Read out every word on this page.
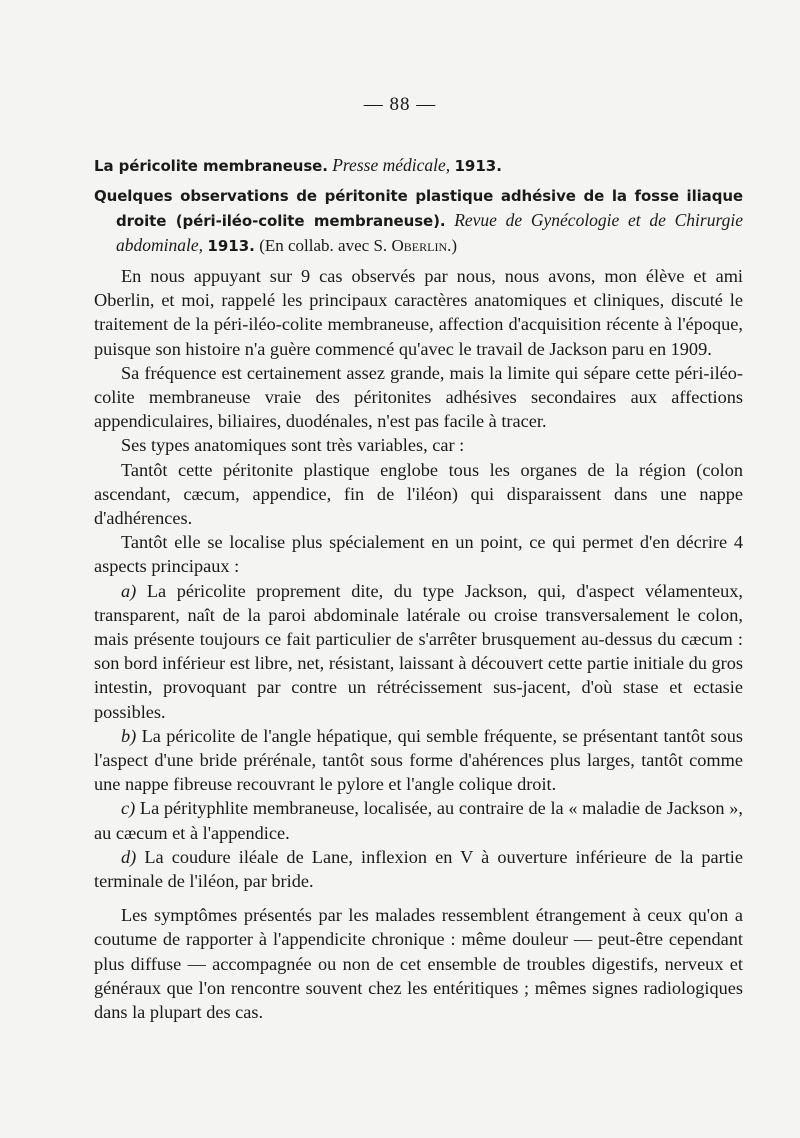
— 88 —

La péricolite membraneuse. Presse médicale, 1913.

Quelques observations de péritonite plastique adhésive de la fosse iliaque droite (péri-iléo-colite membraneuse). Revue de Gynécologie et de Chirurgie abdominale, 1913. (En collab. avec S. Oberlin.)

En nous appuyant sur 9 cas observés par nous, nous avons, mon élève et ami Oberlin, et moi, rappelé les principaux caractères anatomiques et cliniques, discuté le traitement de la péri-iléo-colite membraneuse, affection d'acquisition récente à l'époque, puisque son histoire n'a guère commencé qu'avec le travail de Jackson paru en 1909.

Sa fréquence est certainement assez grande, mais la limite qui sépare cette péri-iléo-colite membraneuse vraie des péritonites adhésives secondaires aux affections appendiculaires, biliaires, duodénales, n'est pas facile à tracer.

Ses types anatomiques sont très variables, car :

Tantôt cette péritonite plastique englobe tous les organes de la région (colon ascendant, cæcum, appendice, fin de l'iléon) qui disparaissent dans une nappe d'adhérences.

Tantôt elle se localise plus spécialement en un point, ce qui permet d'en décrire 4 aspects principaux :

a) La péricolite proprement dite, du type Jackson, qui, d'aspect vélamenteux, transparent, naît de la paroi abdominale latérale ou croise transversalement le colon, mais présente toujours ce fait particulier de s'arrêter brusquement au-dessus du cæcum : son bord inférieur est libre, net, résistant, laissant à découvert cette partie initiale du gros intestin, provoquant par contre un rétrécissement sus-jacent, d'où stase et ectasie possibles.

b) La péricolite de l'angle hépatique, qui semble fréquente, se présentant tantôt sous l'aspect d'une bride prérénale, tantôt sous forme d'ahérences plus larges, tantôt comme une nappe fibreuse recouvrant le pylore et l'angle colique droit.

c) La pérityphlite membraneuse, localisée, au contraire de la « maladie de Jackson », au cæcum et à l'appendice.

d) La coudure iléale de Lane, inflexion en V à ouverture inférieure de la partie terminale de l'iléon, par bride.

Les symptômes présentés par les malades ressemblent étrangement à ceux qu'on a coutume de rapporter à l'appendicite chronique : même douleur — peut-être cependant plus diffuse — accompagnée ou non de cet ensemble de troubles digestifs, nerveux et généraux que l'on rencontre souvent chez les entéritiques ; mêmes signes radiologiques dans la plupart des cas.
